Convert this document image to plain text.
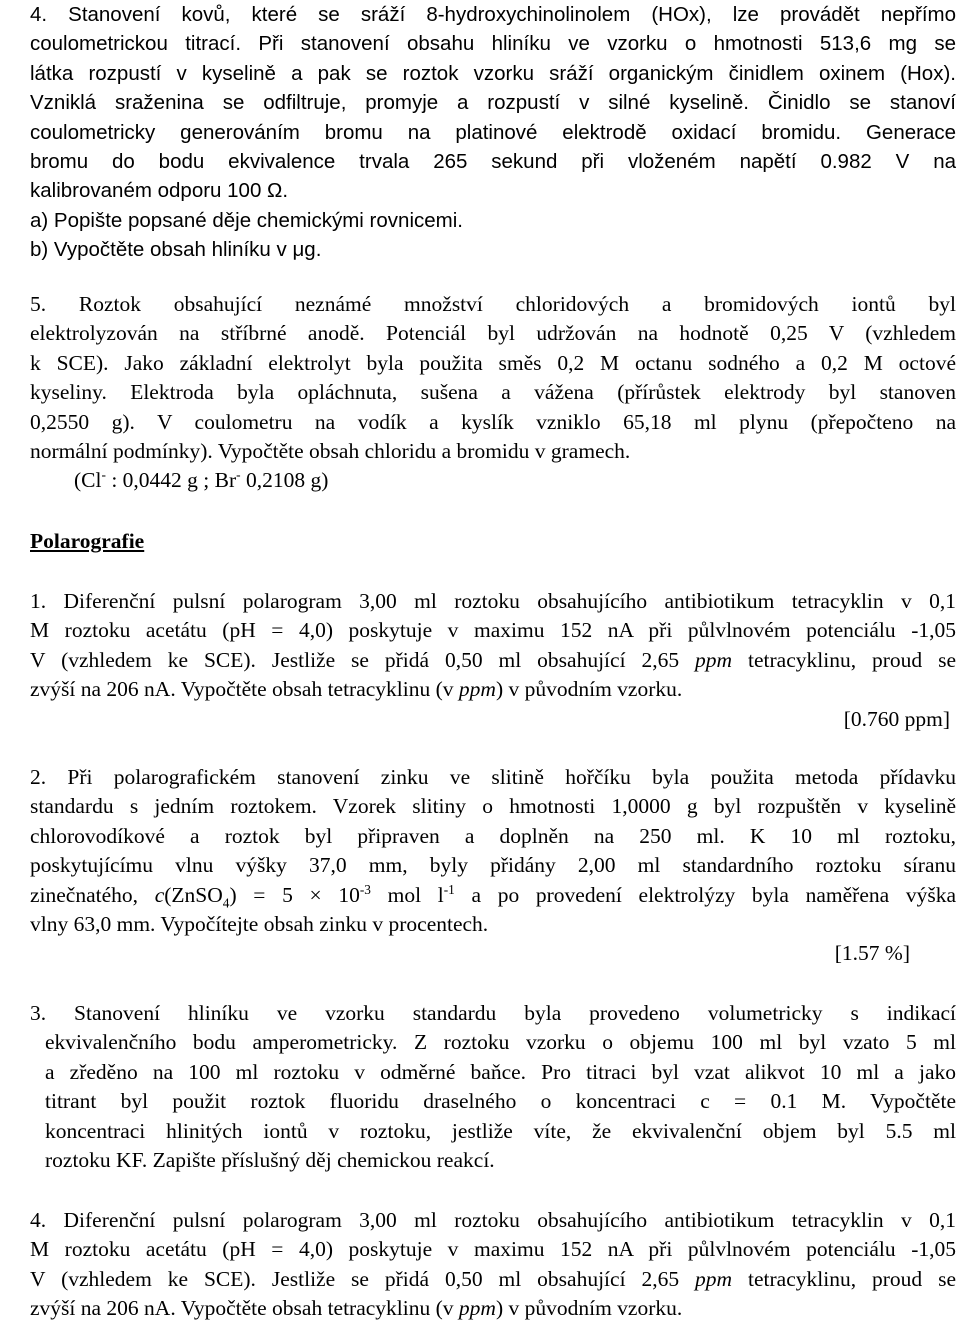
4. Stanovení kovů, které se sráží 8-hydroxychinolinolem (HOx), lze provádět nepřímo
coulometrickou titrací. Při stanovení obsahu hliníku ve vzorku o hmotnosti 513,6 mg se
látka rozpustí v kyselině a pak se roztok vzorku sráží organickým činidlem oxinem (Hox).
Vzniklá sraženina se odfiltruje, promyje a rozpustí v silné kyselině. Činidlo se stanoví
coulometricky generováním bromu na platinové elektrodě oxidací bromidu. Generace
bromu do bodu ekvivalence trvala 265 sekund při vloženém napětí 0.982 V na
kalibrovaném odporu 100 Ω.
a) Popište popsané děje chemickými rovnicemi.
b) Vypočtěte obsah hliníku v μg.
5. Roztok obsahující neznámé množství chloridových a bromidových iontů byl
elektrolyzován na stříbrné anodě. Potenciál byl udržován na hodnotě 0,25 V (vzhledem
k SCE). Jako základní elektrolyt byla použita směs 0,2 M octanu sodného a 0,2 M octové
kyseliny. Elektroda byla opláchnuta, sušena a vážena (přírůstek elektrody byl stanoven
0,2550 g). V coulometru na vodík a kyslík vzniklo 65,18 ml plynu (přepočteno na
normální podmínky). Vypočtěte obsah chloridu a bromidu v gramech.
(Cl- : 0,0442 g ; Br- 0,2108 g)
Polarografie
1. Diferenční pulsní polarogram 3,00 ml roztoku obsahujícího antibiotikum tetracyklin v 0,1
M roztoku acetátu (pH = 4,0) poskytuje v maximu 152 nA při půlvlnovém potenciálu -1,05
V (vzhledem ke SCE). Jestliže se přidá 0,50 ml obsahující 2,65 ppm tetracyklinu, proud se
zvýší na 206 nA. Vypočtěte obsah tetracyklinu (v ppm) v původním vzorku.
[0.760 ppm]
2. Při polarografickém stanovení zinku ve slitině hořčíku byla použita metoda přídavku
standardu s jedním roztokem. Vzorek slitiny o hmotnosti 1,0000 g byl rozpuštěn v kyselině
chlorovodíkové a roztok byl připraven a doplněn na 250 ml. K 10 ml roztoku,
poskytujícímu vlnu výšky 37,0 mm, byly přidány 2,00 ml standardního roztoku síranu
zinečnatého, c(ZnSO$_4$) = $5 \times 10^{-3}$ mol $l^{-1}$ a po provedení elektrolýzy byla naměřena výška
vlny 63,0 mm. Vypočítejte obsah zinku v procentech.
[1.57 %]
3. Stanovení hliníku ve vzorku standardu byla provedeno volumetricky s indikací
ekvivalenčního bodu amperometricky. Z roztoku vzorku o objemu 100 ml byl vzato 5 ml
a zředěno na 100 ml roztoku v odměrné baňce. Pro titraci byl vzat alikvot 10 ml a jako
titrant byl použit roztok fluoridu draselného o koncentraci c = 0.1 M. Vypočtěte
koncentraci hlinitých iontů v roztoku, jestliže víte, že ekvivalenční objem byl 5.5 ml
roztoku KF. Zapište příslušný děj chemickou reakcí.
4. Diferenční pulsní polarogram 3,00 ml roztoku obsahujícího antibiotikum tetracyklin v 0,1
M roztoku acetátu (pH = 4,0) poskytuje v maximu 152 nA při půlvlnovém potenciálu -1,05
V (vzhledem ke SCE). Jestliže se přidá 0,50 ml obsahující 2,65 ppm tetracyklinu, proud se
zvýší na 206 nA. Vypočtěte obsah tetracyklinu (v ppm) v původním vzorku.
